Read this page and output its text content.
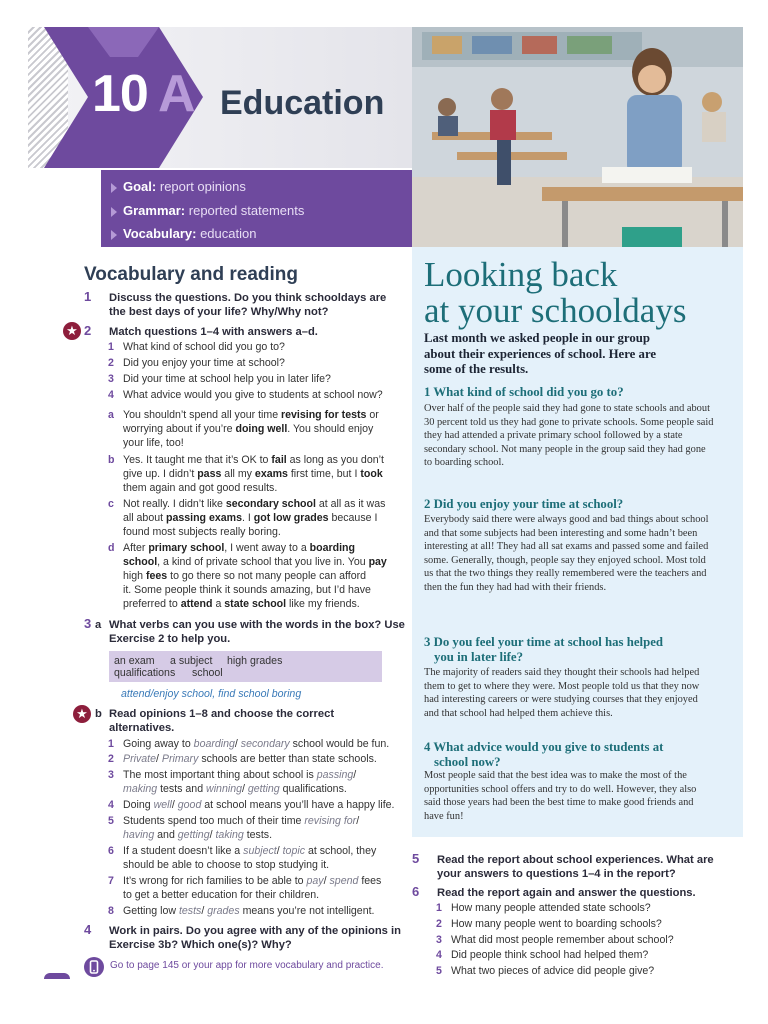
10 A Education
Goal: report opinions
Grammar: reported statements
Vocabulary: education
Vocabulary and reading
1 Discuss the questions. Do you think schooldays are
the best days of your life? Why/Why not?
★ 2 Match questions 1–4 with answers a–d.
1 What kind of school did you go to?
2 Did you enjoy your time at school?
3 Did your time at school help you in later life?
4 What advice would you give to students at school now?
a You shouldn’t spend all your time revising for tests or
worrying about if you’re doing well. You should enjoy
your life, too!
b Yes. It taught me that it’s OK to fail as long as you don’t
give up. I didn’t pass all my exams first time, but I took
them again and got good results.
c Not really. I didn’t like secondary school at all as it was
all about passing exams. I got low grades because I
found most subjects really boring.
d After primary school, I went away to a boarding
school, a kind of private school that you live in. You pay
high fees to go there so not many people can afford
it. Some people think it sounds amazing, but I’d have
preferred to attend a state school like my friends.
3 a What verbs can you use with the words in the box? Use
Exercise 2 to help you.
an exam a subject high grades
qualifications school
attend/enjoy school, find school boring
★ b Read opinions 1–8 and choose the correct
alternatives.
1 Going away to boarding/ secondary school would be fun.
2 Private/ Primary schools are better than state schools.
3 The most important thing about school is passing/
making tests and winning/ getting qualifications.
4 Doing well/ good at school means you’ll have a happy life.
5 Students spend too much of their time revising for/
having and getting/ taking tests.
6 If a student doesn’t like a subject/ topic at school, they
should be able to choose to stop studying it.
7 It’s wrong for rich families to be able to pay/ spend fees
to get a better education for their children.
8 Getting low tests/ grades means you’re not intelligent.
4 Work in pairs. Do you agree with any of the opinions in
Exercise 3b? Which one(s)? Why?
Go to page 145 or your app for more vocabulary and practice.
Looking back
at your schooldays
Last month we asked people in our group
about their experiences of school. Here are
some of the results.
1 What kind of school did you go to?
Over half of the people said they had gone to state schools and about 30 percent told us they had gone to private schools. Some people said they had attended a private primary school followed by a state secondary school. Not many people in the group said they had gone to boarding school.
2 Did you enjoy your time at school?
Everybody said there were always good and bad things about school and that some subjects had been interesting and some hadn’t been interesting at all! They had all sat exams and passed some and failed some. Generally, though, people say they enjoyed school. Most told us that the two things they really remembered were the teachers and then the fun they had had with their friends.
3 Do you feel your time at school has helped
you in later life?
The majority of readers said they thought their schools had helped them to get to where they were. Most people told us that they now had interesting careers or were studying courses that they enjoyed and that school had helped them achieve this.
4 What advice would you give to students at
school now?
Most people said that the best idea was to make the most of the opportunities school offers and try to do well. However, they also said those years had been the best time to make good friends and have fun!
5 Read the report about school experiences. What are
your answers to questions 1–4 in the report?
6 Read the report again and answer the questions.
1 How many people attended state schools?
2 How many people went to boarding schools?
3 What did most people remember about school?
4 Did people think school had helped them?
5 What two pieces of advice did people give?
